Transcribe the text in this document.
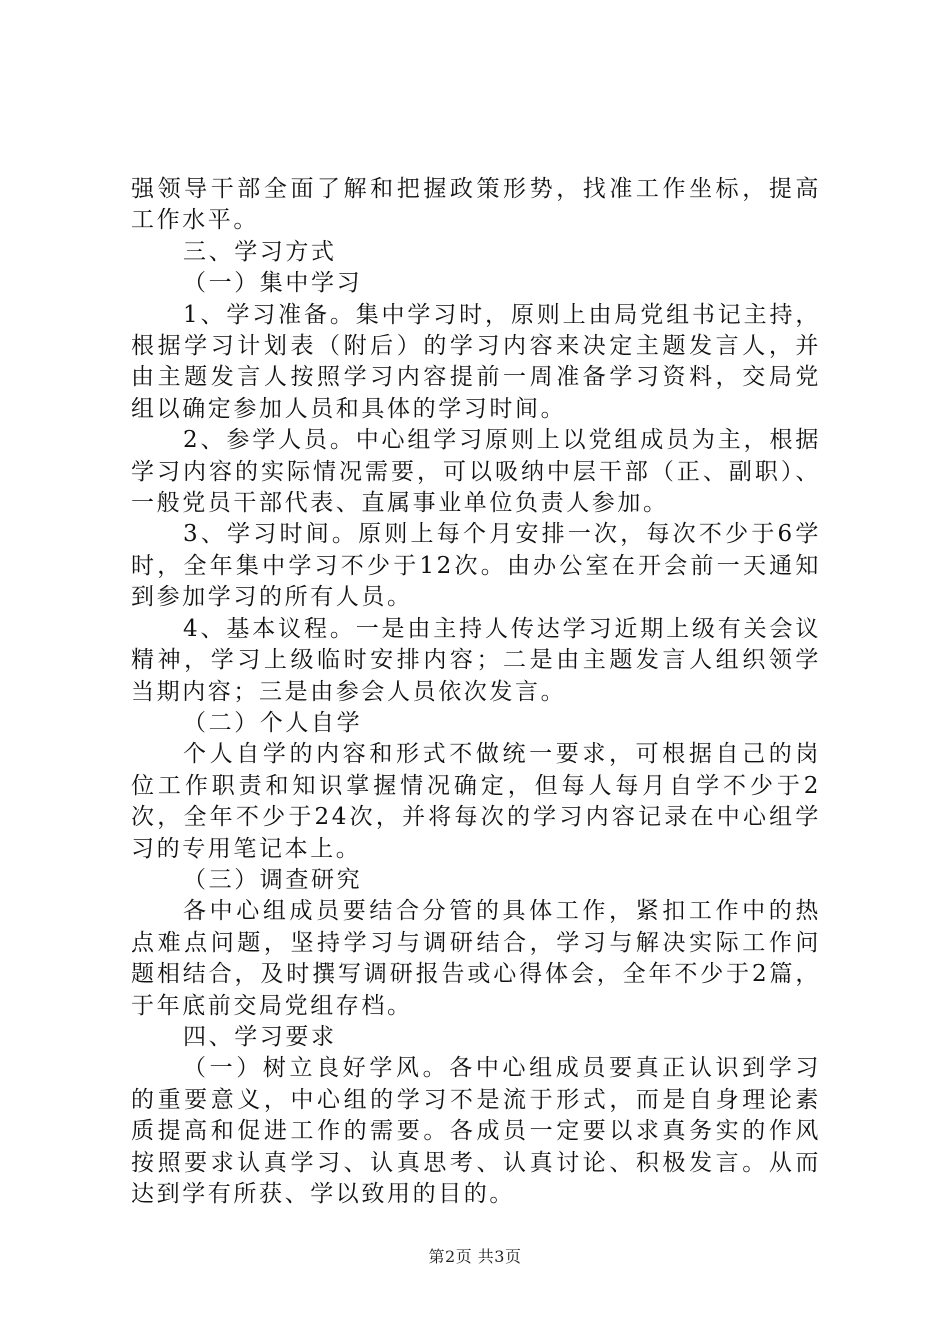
强领导干部全面了解和把握政策形势，找准工作坐标，提高工作水平。

三、学习方式

（一）集中学习

1、学习准备。集中学习时，原则上由局党组书记主持，根据学习计划表（附后）的学习内容来决定主题发言人，并由主题发言人按照学习内容提前一周准备学习资料，交局党组以确定参加人员和具体的学习时间。

2、参学人员。中心组学习原则上以党组成员为主，根据学习内容的实际情况需要，可以吸纳中层干部（正、副职）、一般党员干部代表、直属事业单位负责人参加。

3、学习时间。原则上每个月安排一次，每次不少于6学时，全年集中学习不少于12次。由办公室在开会前一天通知到参加学习的所有人员。

4、基本议程。一是由主持人传达学习近期上级有关会议精神，学习上级临时安排内容；二是由主题发言人组织领学当期内容；三是由参会人员依次发言。

（二）个人自学

个人自学的内容和形式不做统一要求，可根据自己的岗位工作职责和知识掌握情况确定，但每人每月自学不少于2次，全年不少于24次，并将每次的学习内容记录在中心组学习的专用笔记本上。

（三）调查研究

各中心组成员要结合分管的具体工作，紧扣工作中的热点难点问题，坚持学习与调研结合，学习与解决实际工作问题相结合，及时撰写调研报告或心得体会，全年不少于2篇，于年底前交局党组存档。

四、学习要求

（一）树立良好学风。各中心组成员要真正认识到学习的重要意义，中心组的学习不是流于形式，而是自身理论素质提高和促进工作的需要。各成员一定要以求真务实的作风按照要求认真学习、认真思考、认真讨论、积极发言。从而达到学有所获、学以致用的目的。

第2页 共3页
